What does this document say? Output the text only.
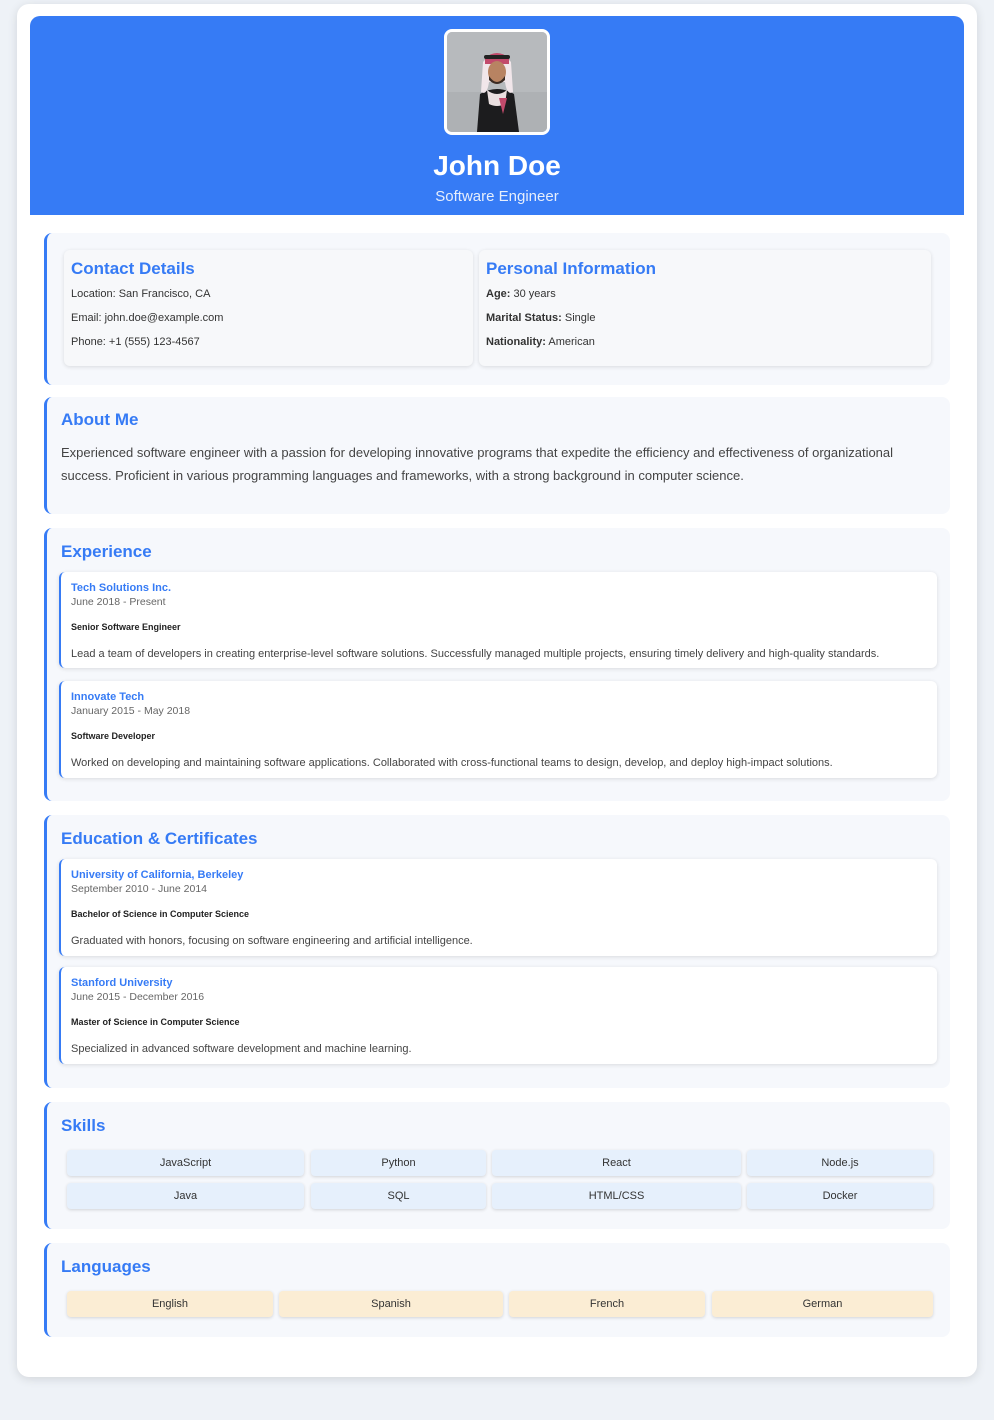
John Doe
Software Engineer
Contact Details
Location: San Francisco, CA
Email: john.doe@example.com
Phone: +1 (555) 123-4567
Personal Information
Age: 30 years
Marital Status: Single
Nationality: American
About Me

Experienced software engineer with a passion for developing innovative programs that expedite the efficiency and effectiveness of organizational success. Proficient in various programming languages and frameworks, with a strong background in computer science.

Experience
Tech Solutions Inc.
June 2018 - Present
Senior Software Engineer
Lead a team of developers in creating enterprise-level software solutions. Successfully managed multiple projects, ensuring timely delivery and high-quality standards.
Innovate Tech
January 2015 - May 2018
Software Developer
Worked on developing and maintaining software applications. Collaborated with cross-functional teams to design, develop, and deploy high-impact solutions.
Education & Certificates
University of California, Berkeley
September 2010 - June 2014
Bachelor of Science in Computer Science
Graduated with honors, focusing on software engineering and artificial intelligence.
Stanford University
June 2015 - December 2016
Master of Science in Computer Science
Specialized in advanced software development and machine learning.
Skills
JavaScript	Python	React	Node.js
Java	SQL	HTML/CSS	Docker
Languages
English	Spanish	French	German
